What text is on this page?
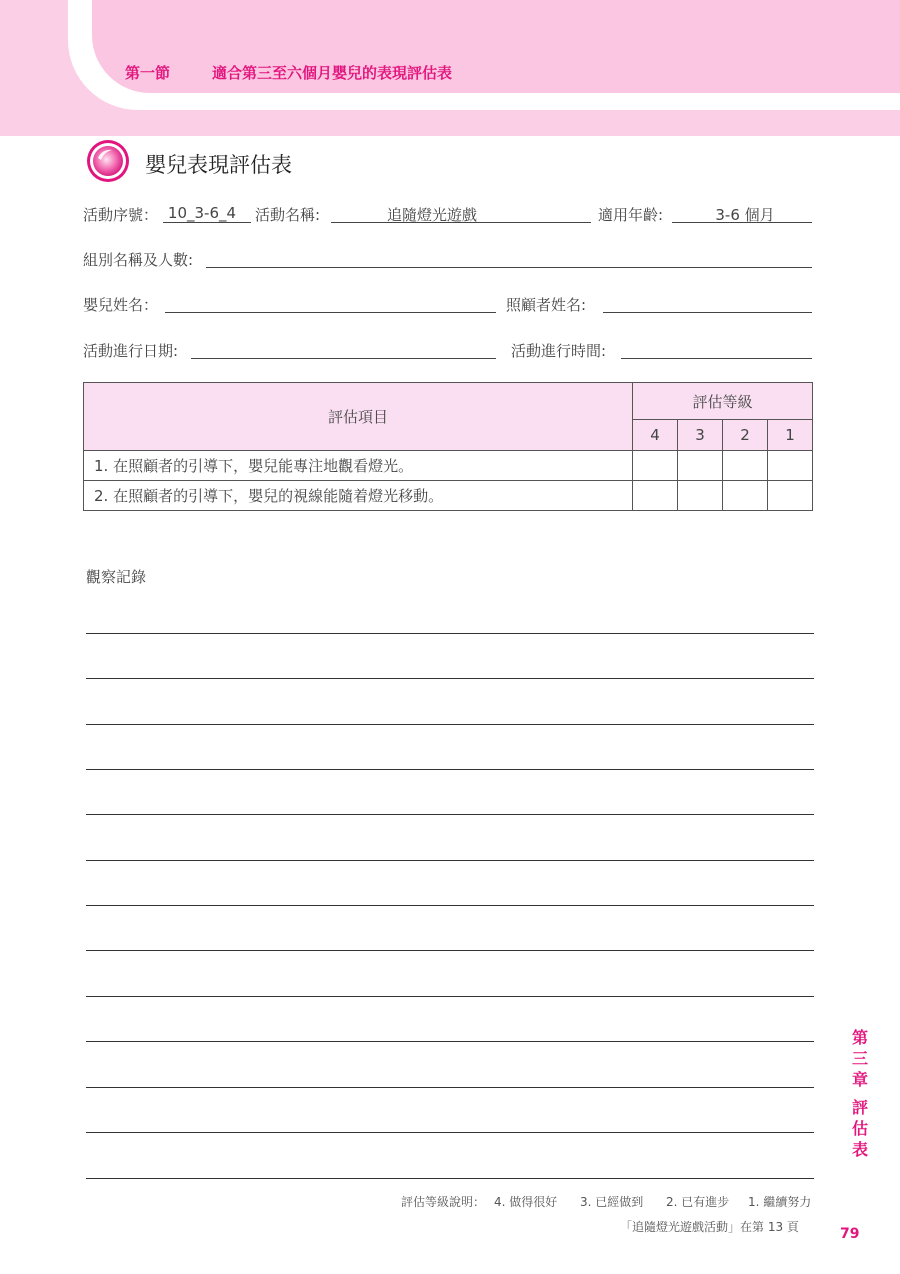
第一節	適合第三至六個月嬰兒的表現評估表
嬰兒表現評估表
活動序號： 10_3-6_4	活動名稱:	追隨燈光遊戲	適用年齡:	3-6 個月
組別名稱及人數:
嬰兒姓名：	照顧者姓名:
活動進行日期:	活動進行時間:
評估項目	評估等級			
	4	3	2	1
1. 在照顧者的引導下，嬰兒能專注地觀看燈光。				
2. 在照顧者的引導下，嬰兒的視線能隨着燈光移動。				
觀察記錄
第
三
章
評
估
表
評估等級說明： 4. 做得很好 3. 已經做到 2. 已有進步 1. 繼續努力
「追隨燈光遊戲活動」在第 13 頁	79
